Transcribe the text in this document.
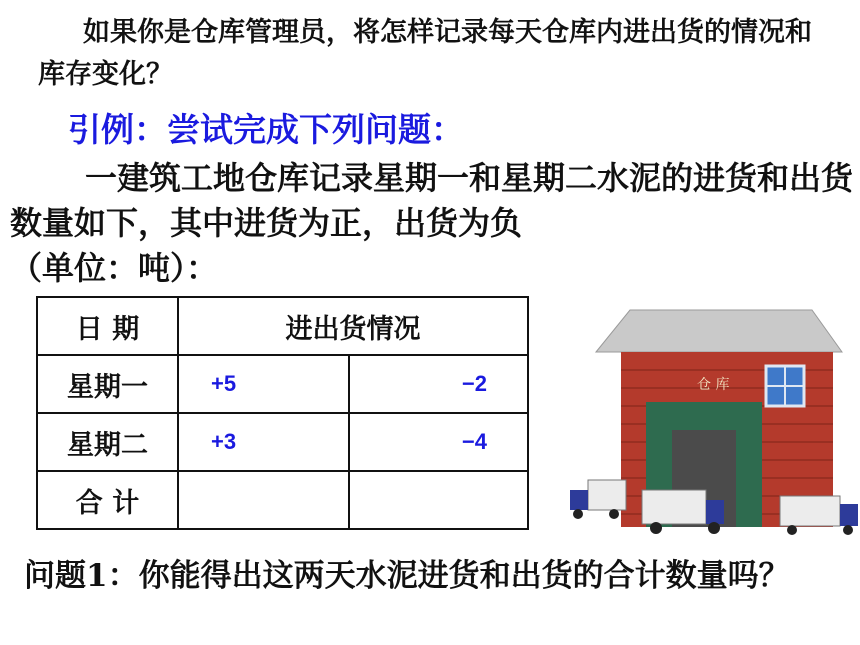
如果你是仓库管理员，将怎样记录每天仓库内进出货的情况和库存变化？
引例：尝试完成下列问题：
一建筑工地仓库记录星期一和星期二水泥的进货和出货数量如下，其中进货为正，出货为负
（单位：吨）：
日 期	进出货情况	
星期一	+5	−2
星期二	+3	−4
合 计		
仓 库
问题1：你能得出这两天水泥进货和出货的合计数量吗？
